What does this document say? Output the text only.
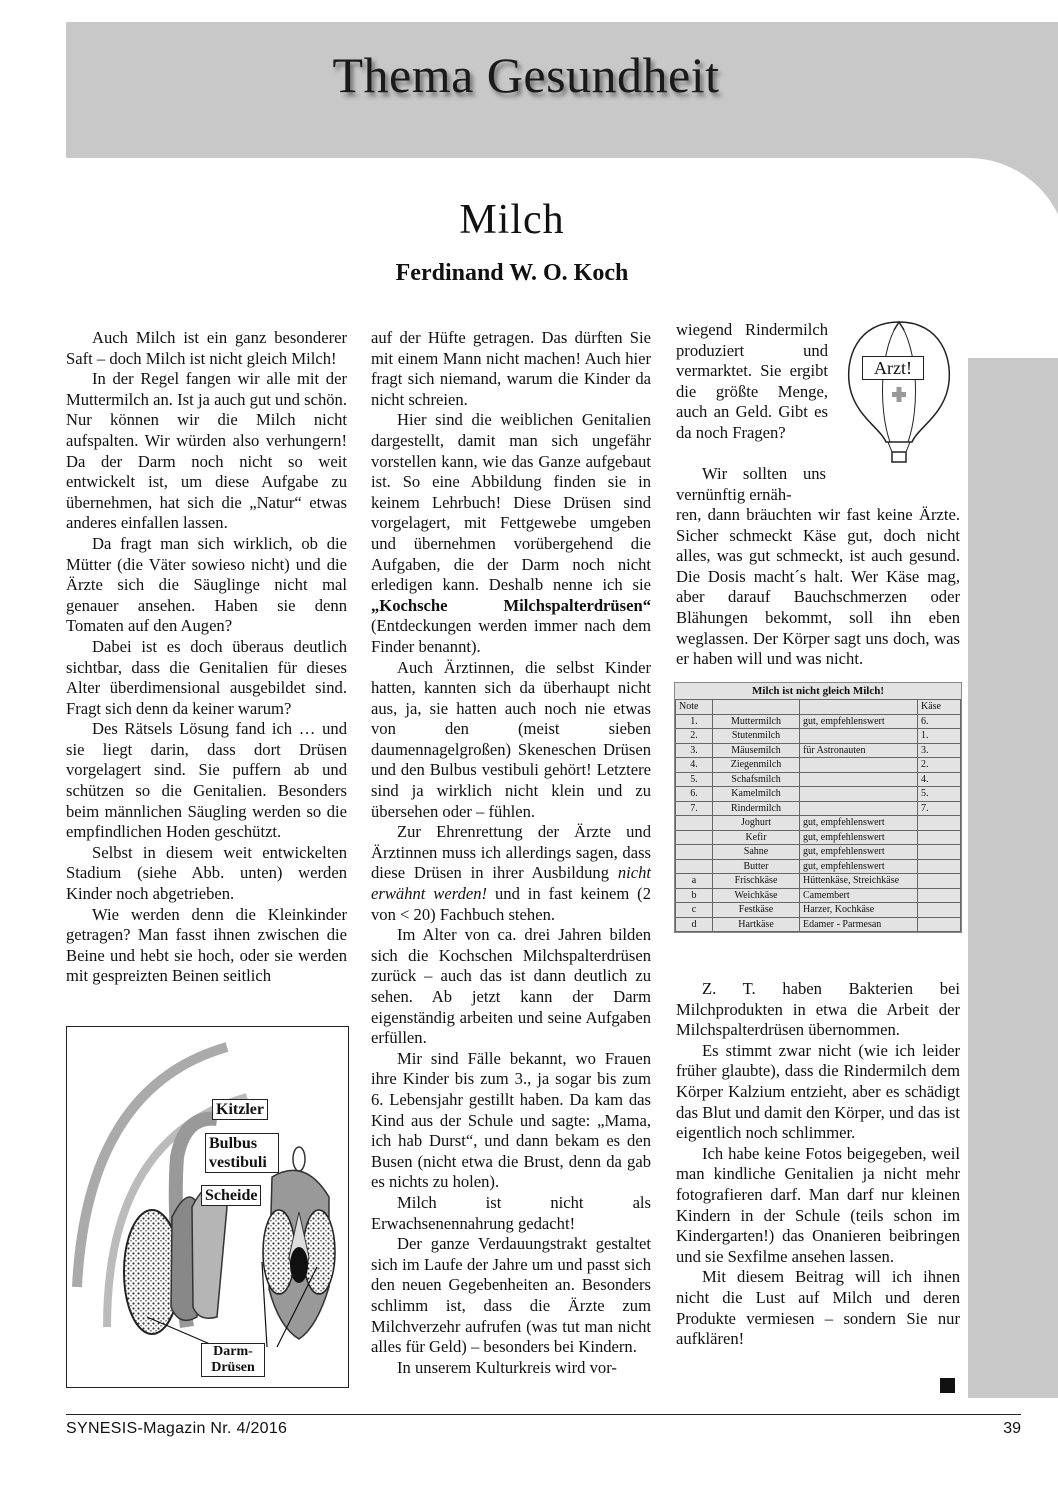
Thema Gesundheit
Milch
Ferdinand W. O. Koch

Auch Milch ist ein ganz besonderer Saft – doch Milch ist nicht gleich Milch!

In der Regel fangen wir alle mit der Muttermilch an. Ist ja auch gut und schön. Nur können wir die Milch nicht aufspalten. Wir würden also verhungern! Da der Darm noch nicht so weit entwickelt ist, um diese Aufgabe zu übernehmen, hat sich die „Natur“ etwas anderes einfallen lassen.

Da fragt man sich wirklich, ob die Mütter (die Väter sowieso nicht) und die Ärzte sich die Säuglinge nicht mal genauer ansehen. Haben sie denn Tomaten auf den Augen?

Dabei ist es doch überaus deutlich sichtbar, dass die Genitalien für dieses Alter überdimensional ausgebildet sind. Fragt sich denn da keiner warum?

Des Rätsels Lösung fand ich … und sie liegt darin, dass dort Drüsen vorgelagert sind. Sie puffern ab und schützen so die Genitalien. Besonders beim männlichen Säugling werden so die empfindlichen Hoden geschützt.

Selbst in diesem weit entwickelten Stadium (siehe Abb. unten) werden Kinder noch abgetrieben.

Wie werden denn die Kleinkinder getragen? Man fasst ihnen zwischen die Beine und hebt sie hoch, oder sie werden mit gespreizten Beinen seitlich

Kitzler
Bulbus vestibuli
Scheide
Darm-Drüsen

auf der Hüfte getragen. Das dürften Sie mit einem Mann nicht machen! Auch hier fragt sich niemand, warum die Kinder da nicht schreien.

Hier sind die weiblichen Genitalien dargestellt, damit man sich ungefähr vorstellen kann, wie das Ganze aufgebaut ist. So eine Abbildung finden sie in keinem Lehrbuch! Diese Drüsen sind vorgelagert, mit Fettgewebe umgeben und übernehmen vorübergehend die Aufgaben, die der Darm noch nicht erledigen kann. Deshalb nenne ich sie „Kochsche Milchspalterdrüsen“ (Entdeckungen werden immer nach dem Finder benannt).

Auch Ärztinnen, die selbst Kinder hatten, kannten sich da überhaupt nicht aus, ja, sie hatten auch noch nie etwas von den (meist sieben daumennagelgroßen) Skeneschen Drüsen und den Bulbus vestibuli gehört! Letztere sind ja wirklich nicht klein und zu übersehen oder – fühlen.

Zur Ehrenrettung der Ärzte und Ärztinnen muss ich allerdings sagen, dass diese Drüsen in ihrer Ausbildung nicht erwähnt werden! und in fast keinem (2 von < 20) Fachbuch stehen.

Im Alter von ca. drei Jahren bilden sich die Kochschen Milchspalterdrüsen zurück – auch das ist dann deutlich zu sehen. Ab jetzt kann der Darm eigenständig arbeiten und seine Aufgaben erfüllen.

Mir sind Fälle bekannt, wo Frauen ihre Kinder bis zum 3., ja sogar bis zum 6. Lebensjahr gestillt haben. Da kam das Kind aus der Schule und sagte: „Mama, ich hab Durst“, und dann bekam es den Busen (nicht etwa die Brust, denn da gab es nichts zu holen).

Milch ist nicht als Erwachsenennahrung gedacht!

Der ganze Verdauungstrakt gestaltet sich im Laufe der Jahre um und passt sich den neuen Gegebenheiten an. Besonders schlimm ist, dass die Ärzte zum Milchverzehr aufrufen (was tut man nicht alles für Geld) – besonders bei Kindern.

In unserem Kulturkreis wird vor-

wiegend Rindermilch produziert und vermarktet. Sie ergibt die größte Menge, auch an Geld. Gibt es da noch Fragen?

Wir sollten uns vernünftig ernäh-

ren, dann bräuchten wir fast keine Ärzte. Sicher schmeckt Käse gut, doch nicht alles, was gut schmeckt, ist auch gesund. Die Dosis macht´s halt. Wer Käse mag, aber darauf Bauchschmerzen oder Blähungen bekommt, soll ihn eben weglassen. Der Körper sagt uns doch, was er haben will und was nicht.

Arzt!
Milch ist nicht gleich Milch!
Note			Käse
1.	Muttermilch	gut, empfehlenswert	6.
2.	Stutenmilch		1.
3.	Mäusemilch	für Astronauten	3.
4.	Ziegenmilch		2.
5.	Schafsmilch		4.
6.	Kamelmilch		5.
7.	Rindermilch		7.
	Joghurt	gut, empfehlenswert	
	Kefir	gut, empfehlenswert	
	Sahne	gut, empfehlenswert	
	Butter	gut, empfehlenswert	
a	Frischkäse	Hüttenkäse, Streichkäse	
b	Weichkäse	Camembert	
c	Festkäse	Harzer, Kochkäse	
d	Hartkäse	Edamer - Parmesan	

Z. T. haben Bakterien bei Milchprodukten in etwa die Arbeit der Milchspalterdrüsen übernommen.

Es stimmt zwar nicht (wie ich leider früher glaubte), dass die Rindermilch dem Körper Kalzium entzieht, aber es schädigt das Blut und damit den Körper, und das ist eigentlich noch schlimmer.

Ich habe keine Fotos beigegeben, weil man kindliche Genitalien ja nicht mehr fotografieren darf. Man darf nur kleinen Kindern in der Schule (teils schon im Kindergarten!) das Onanieren beibringen und sie Sexfilme ansehen lassen.

Mit diesem Beitrag will ich ihnen nicht die Lust auf Milch und deren Produkte vermiesen – sondern Sie nur aufklären!

SYNESIS-Magazin Nr. 4/2016	39
